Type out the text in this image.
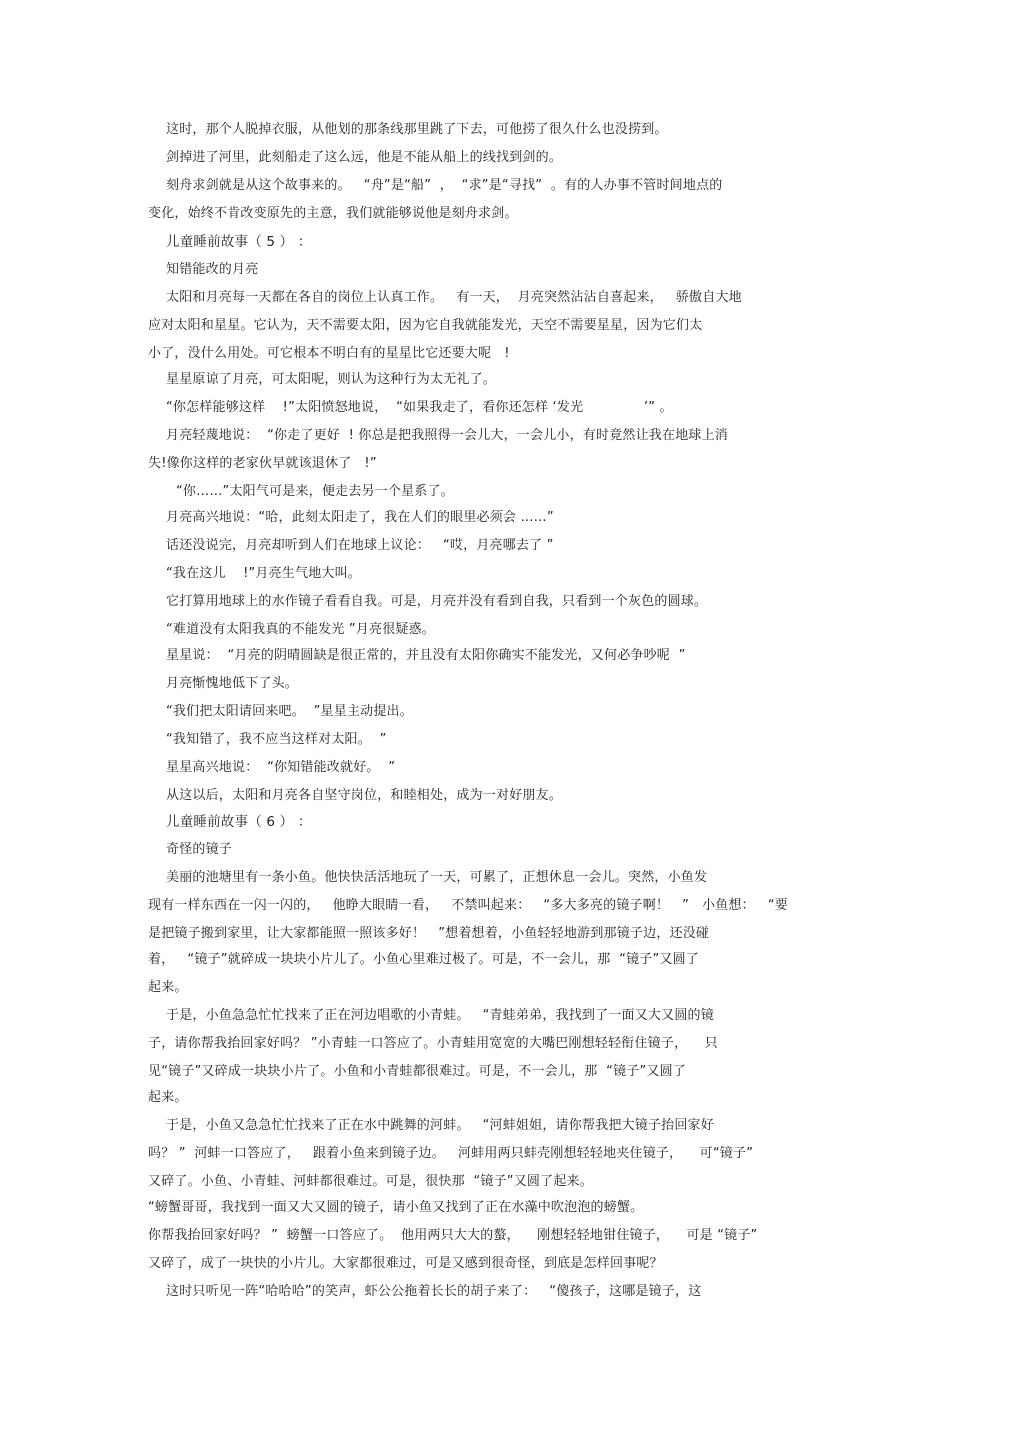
这时，那个人脱掉衣服，从他划的那条线那里跳了下去，可他捞了很久什么也没捞到。
剑掉进了河里，此刻船走了这么远，他是不能从船上的线找到剑的。
刻舟求剑就是从这个故事来的。   “舟”是“船”  ，  “求”是“寻找”  。有的人办事不管时间地点的
变化，始终不肯改变原先的主意，我们就能够说他是刻舟求剑。
儿童睡前故事（ 5 ） ：
知错能改的月亮
太阳和月亮每一天都在各自的岗位上认真工作。   有一天，  月亮突然沾沾自喜起来，   骄傲自大地
应对太阳和星星。它认为，天不需要太阳，因为它自我就能发光，天空不需要星星，因为它们太
小了，没什么用处。可它根本不明白有的星星比它还要大呢   !
星星原谅了月亮，可太阳呢，则认为这种行为太无礼了。
“你怎样能够这样    !”太阳愤怒地说，  “如果我走了，看你还怎样 ‘发光              ’” 。
月亮轻蔑地说：  “你走了更好  ! 你总是把我照得一会儿大，一会儿小，有时竟然让我在地球上消
失!像你这样的老家伙早就该退休了   !”
“你……”太阳气可是来，便走去另一个星系了。
月亮高兴地说：“哈，此刻太阳走了，我在人们的眼里必须会 ……”
话还没说完，月亮却听到人们在地球上议论：   “哎，月亮哪去了 ”
“我在这儿    !”月亮生气地大叫。
它打算用地球上的水作镜子看看自我。可是，月亮并没有看到自我，只看到一个灰色的圆球。
“难道没有太阳我真的不能发光 ”月亮很疑惑。
星星说：  “月亮的阴晴圆缺是很正常的，并且没有太阳你确实不能发光，又何必争吵呢  ”
月亮惭愧地低下了头。
“我们把太阳请回来吧。  ”星星主动提出。
“我知错了，我不应当这样对太阳。  ”
星星高兴地说：  “你知错能改就好。  ”
从这以后，太阳和月亮各自坚守岗位，和睦相处，成为一对好朋友。
儿童睡前故事（ 6 ） ：
奇怪的镜子
美丽的池塘里有一条小鱼。他快快活活地玩了一天，可累了，正想休息一会儿。突然，小鱼发
现有一样东西在一闪一闪的，   他睁大眼睛一看，   不禁叫起来：   “多大多亮的镜子啊！   ”   小鱼想：   “要
是把镜子搬到家里，让大家都能照一照该多好！   ”想着想着，小鱼轻轻地游到那镜子边，还没碰
着，   “镜子”就碎成一块块小片儿了。小鱼心里难过极了。可是，不一会儿，那  “镜子”又圆了
起来。
于是，小鱼急急忙忙找来了正在河边唱歌的小青蛙。   “青蛙弟弟，我找到了一面又大又圆的镜
子，请你帮我抬回家好吗？ ”小青蛙一口答应了。小青蛙用宽宽的大嘴巴刚想轻轻衔住镜子，    只
见“镜子”又碎成一块块小片了。小鱼和小青蛙都很难过。可是，不一会儿，那  “镜子”又圆了
起来。
于是，小鱼又急急忙忙找来了正在水中跳舞的河蚌。   “河蚌姐姐，请你帮我把大镜子抬回家好
吗？ ”  河蚌一口答应了，   跟着小鱼来到镜子边。   河蚌用两只蚌壳刚想轻轻地夹住镜子，    可“镜子”
又碎了。小鱼、小青蛙、河蚌都很难过。可是，很快那  “镜子”又圆了起来。
“螃蟹哥哥，我找到一面又大又圆的镜子，请小鱼又找到了正在水藻中吹泡泡的螃蟹。
你帮我抬回家好吗？ ”  螃蟹一口答应了。  他用两只大大的螯，    刚想轻轻地钳住镜子，    可是 “镜子”
又碎了，成了一块快的小片儿。大家都很难过，可是又感到很奇怪，到底是怎样回事呢？
这时只听见一阵“哈哈哈”的笑声，虾公公拖着长长的胡子来了：   “傻孩子，这哪是镜子，这
